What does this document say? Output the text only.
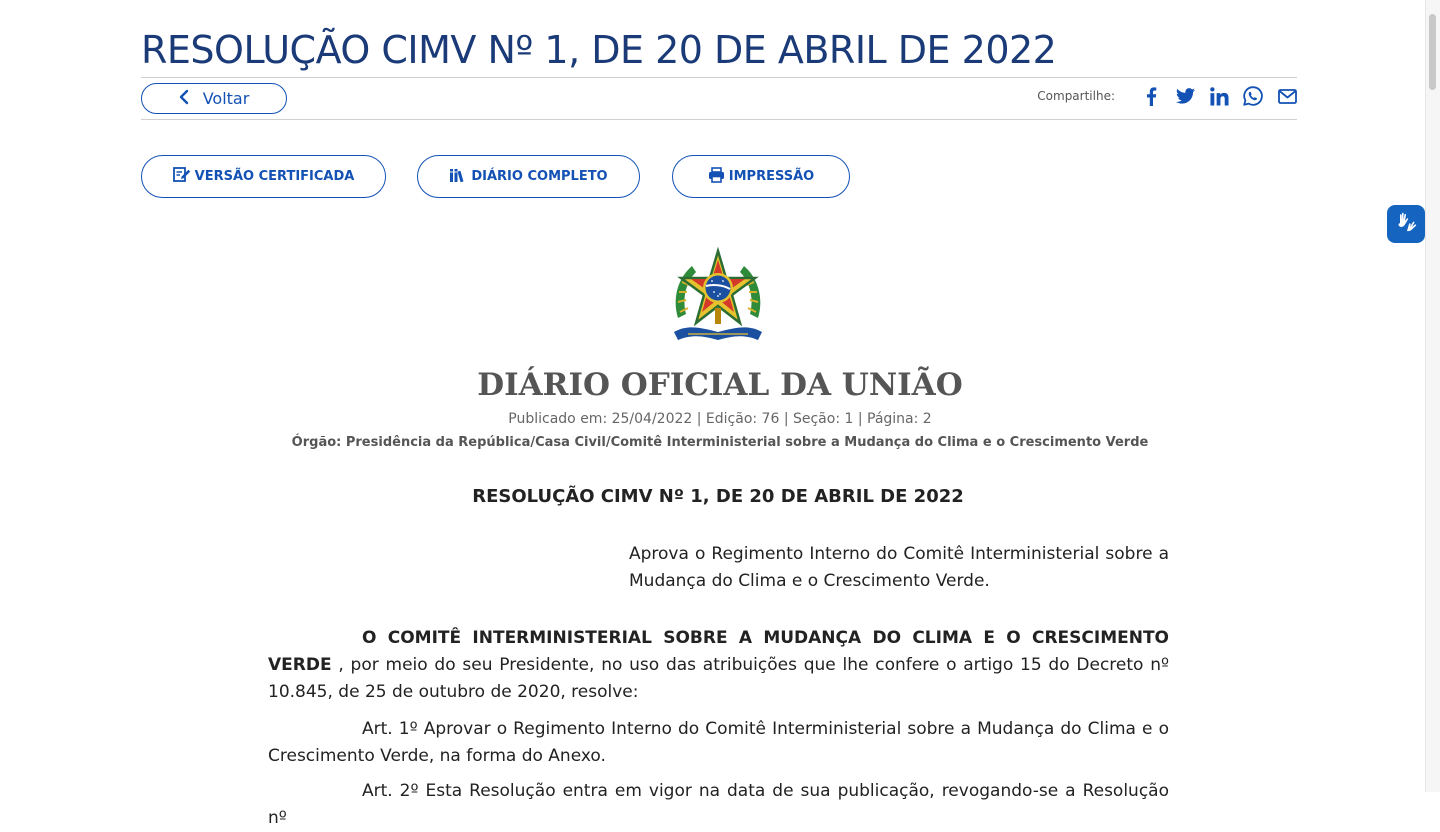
RESOLUÇÃO CIMV Nº 1, DE 20 DE ABRIL DE 2022
Voltar	Compartilhe:
VERSÃO CERTIFICADA	DIÁRIO COMPLETO	IMPRESSÃO
DIÁRIO OFICIAL DA UNIÃO
Publicado em: 25/04/2022 | Edição: 76 | Seção: 1 | Página: 2
Órgão: Presidência da República/Casa Civil/Comitê Interministerial sobre a Mudança do Clima e o Crescimento Verde
RESOLUÇÃO CIMV Nº 1, DE 20 DE ABRIL DE 2022
Aprova o Regimento Interno do Comitê Interministerial sobre a Mudança do Clima e o Crescimento Verde.

O COMITÊ INTERMINISTERIAL SOBRE A MUDANÇA DO CLIMA E O CRESCIMENTO VERDE , por meio do seu Presidente, no uso das atribuições que lhe confere o artigo 15 do Decreto nº 10.845, de 25 de outubro de 2020, resolve:

Art. 1º Aprovar o Regimento Interno do Comitê Interministerial sobre a Mudança do Clima e o Crescimento Verde, na forma do Anexo.

Art. 2º Esta Resolução entra em vigor na data de sua publicação, revogando-se a Resolução nº
